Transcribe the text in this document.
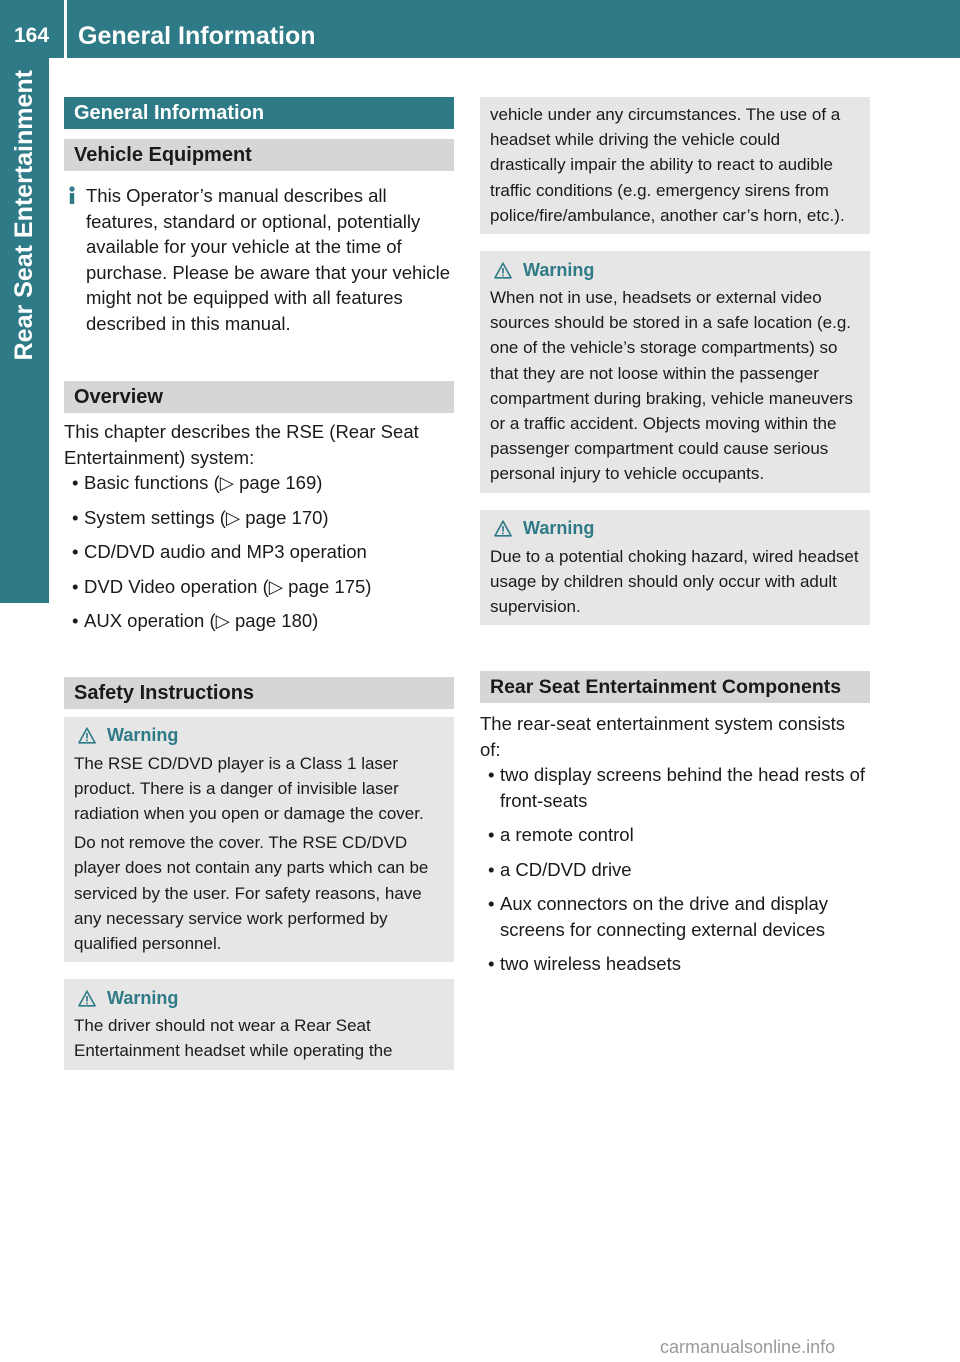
164 General Information
Rear Seat Entertainment	General Information
Vehicle Equipment
This Operator’s manual describes all features, standard or optional, potentially available for your vehicle at the time of purchase. Please be aware that your vehicle might not be equipped with all features described in this manual.
Overview
This chapter describes the RSE (Rear Seat Entertainment) system:
• Basic functions (▷ page 169)
• System settings (▷ page 170)
• CD/DVD audio and MP3 operation
• DVD Video operation (▷ page 175)
• AUX operation (▷ page 180)
Safety Instructions
Warning
The RSE CD/DVD player is a Class 1 laser product. There is a danger of invisible laser radiation when you open or damage the cover.
Do not remove the cover. The RSE CD/DVD player does not contain any parts which can be serviced by the user. For safety reasons, have any necessary service work performed by qualified personnel.
Warning
The driver should not wear a Rear Seat Entertainment headset while operating the
vehicle under any circumstances. The use of a headset while driving the vehicle could drastically impair the ability to react to audible traffic conditions (e.g. emergency sirens from police/fire/ambulance, another car’s horn, etc.).
Warning
When not in use, headsets or external video sources should be stored in a safe location (e.g. one of the vehicle’s storage compartments) so that they are not loose within the passenger compartment during braking, vehicle maneuvers or a traffic accident. Objects moving within the passenger compartment could cause serious personal injury to vehicle occupants.
Warning
Due to a potential choking hazard, wired headset usage by children should only occur with adult supervision.
Rear Seat Entertainment Components
The rear-seat entertainment system consists of:
• two display screens behind the head rests of front-seats
• a remote control
• a CD/DVD drive
• Aux connectors on the drive and display screens for connecting external devices
• two wireless headsets
carmanualsonline.info
